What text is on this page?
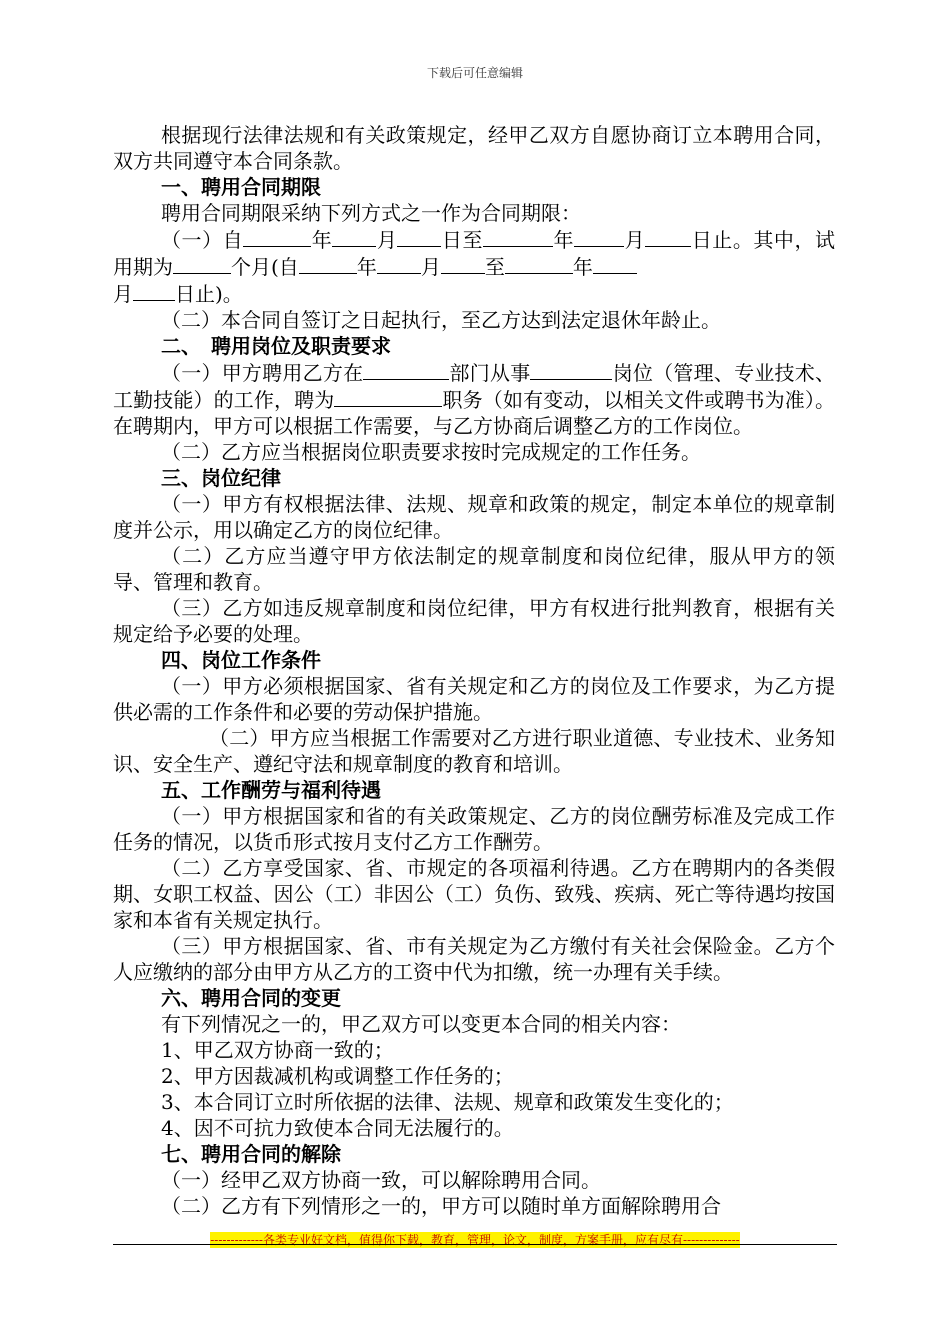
下载后可任意编辑

根据现行法律法规和有关政策规定，经甲乙双方自愿协商订立本聘用合同，双方共同遵守本合同条款。

一、聘用合同期限

聘用合同期限采纳下列方式之一作为合同期限：

（一）自	年 月 日至	年	月 日止。其中，试用期为	个月(自	年 月 至	年
月 日止)。

（二）本合同自签订之日起执行，至乙方达到法定退休年龄止。

二、　聘用岗位及职责要求

（一）甲方聘用乙方在	部门从事	岗位（管理、专业技术、工勤技能）的工作，聘为	职务（如有变动，以相关文件或聘书为准）。在聘期内，甲方可以根据工作需要，与乙方协商后调整乙方的工作岗位。

（二）乙方应当根据岗位职责要求按时完成规定的工作任务。

三、岗位纪律

（一）甲方有权根据法律、法规、规章和政策的规定，制定本单位的规章制度并公示，用以确定乙方的岗位纪律。

（二）乙方应当遵守甲方依法制定的规章制度和岗位纪律，服从甲方的领导、管理和教育。

（三）乙方如违反规章制度和岗位纪律，甲方有权进行批判教育，根据有关规定给予必要的处理。

四、岗位工作条件

（一）甲方必须根据国家、省有关规定和乙方的岗位及工作要求，为乙方提供必需的工作条件和必要的劳动保护措施。

（二）甲方应当根据工作需要对乙方进行职业道德、专业技术、业务知识、安全生产、遵纪守法和规章制度的教育和培训。

五、工作酬劳与福利待遇

（一）甲方根据国家和省的有关政策规定、乙方的岗位酬劳标准及完成工作任务的情况，以货币形式按月支付乙方工作酬劳。

（二）乙方享受国家、省、市规定的各项福利待遇。乙方在聘期内的各类假期、女职工权益、因公（工）非因公（工）负伤、致残、疾病、死亡等待遇均按国家和本省有关规定执行。

（三）甲方根据国家、省、市有关规定为乙方缴付有关社会保险金。乙方个人应缴纳的部分由甲方从乙方的工资中代为扣缴，统一办理有关手续。

六、聘用合同的变更

有下列情况之一的，甲乙双方可以变更本合同的相关内容：

1、甲乙双方协商一致的；

2、甲方因裁减机构或调整工作任务的；

3、本合同订立时所依据的法律、法规、规章和政策发生变化的；

4、因不可抗力致使本合同无法履行的。

七、聘用合同的解除

（一）经甲乙双方协商一致，可以解除聘用合同。

（二）乙方有下列情形之一的，甲方可以随时单方面解除聘用合

-------------各类专业好文档，值得你下载，教育，管理，论文，制度，方案手册，应有尽有--------------
